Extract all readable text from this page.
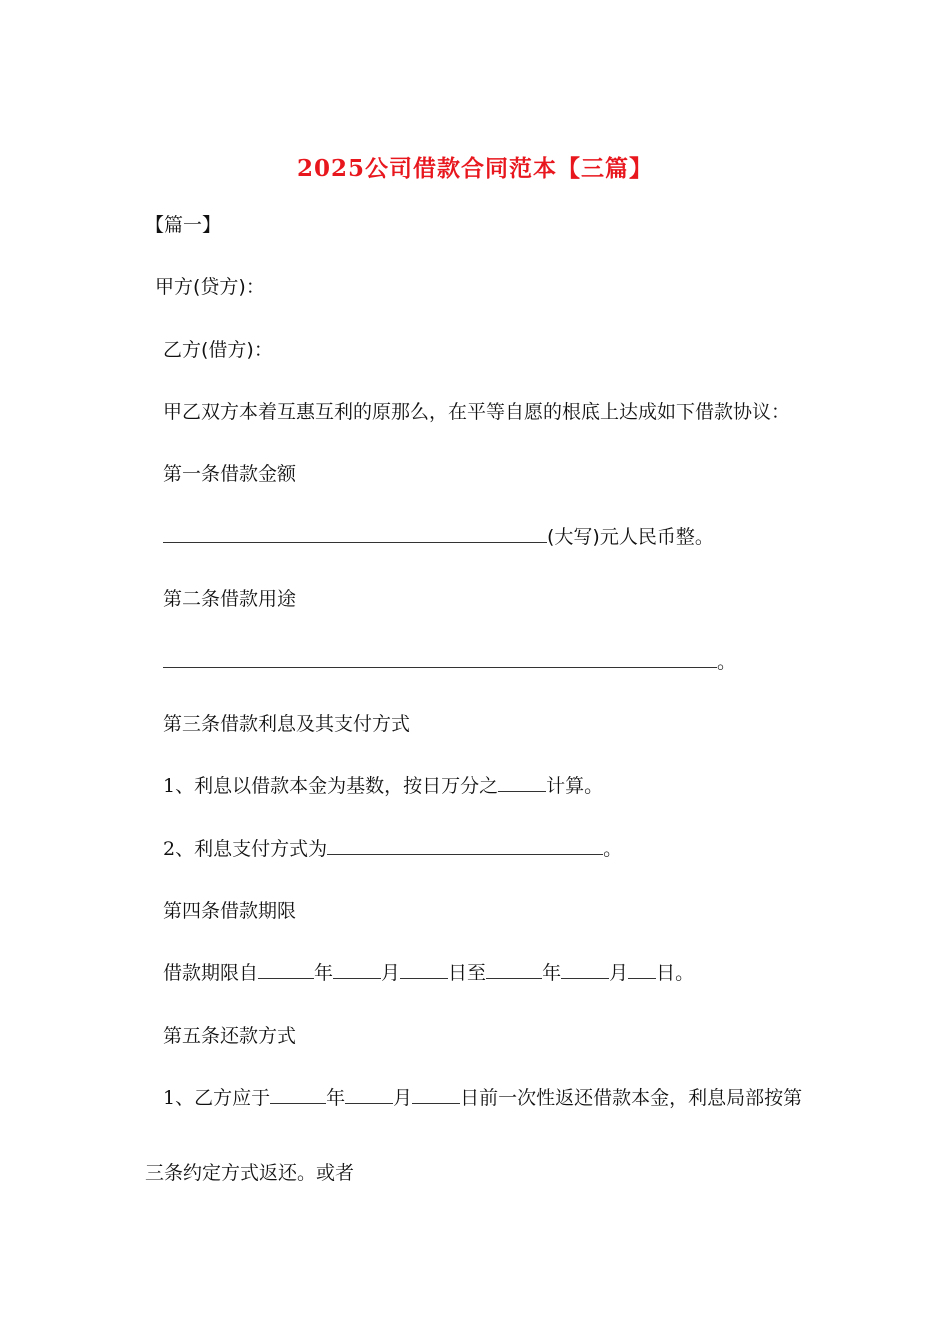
2025公司借款合同范本【三篇】
【篇一】
甲方(贷方)：
乙方(借方)：
甲乙双方本着互惠互利的原那么，在平等自愿的根底上达成如下借款协议：
第一条借款金额
(大写)元人民币整。
第二条借款用途
。
第三条借款利息及其支付方式
1、利息以借款本金为基数，按日万分之	计算。
2、利息支付方式为	。
第四条借款期限
借款期限自	年	月	日至	年	月 日。
第五条还款方式
1、乙方应于	年	月	日前一次性返还借款本金，利息局部按第
三条约定方式返还。或者
